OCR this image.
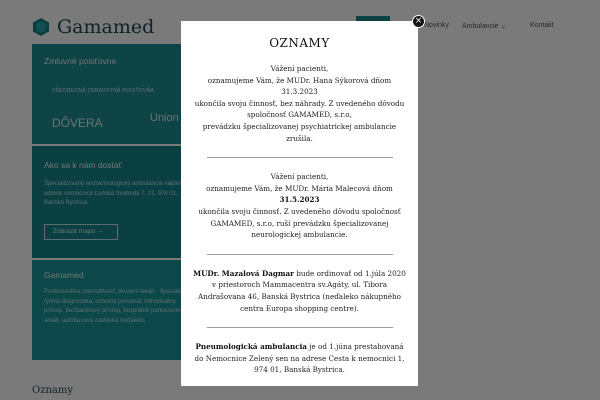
OZNAMY
Vážení pacienti,
oznamujeme Vám, že MUDr. Hana Sýkorová dňom
31.3.2023
ukončila svoju činnosť, bez náhrady. Z uvedeného dôvodu
spoločnosť GAMAMED, s.r.o,
prevádzku špecializovanej psychiatrickej ambulancie
zrušila.
Vážení pacienti,
oznamujeme Vám, že MUDr. Mária Malecová dňom
31.5.2023
ukončila svoju činnosť. Z uvedeného dôvodu spoločnosť GAMAMED, s.r.o, ruší prevádzku špecializovanej neurologickej ambulancie.
MUDr. Mazalová Dagmar bude ordinovať od 1.júla 2020 v priestoroch Mammacentra sv.Agáty, ul. Tibora Andrašovana 46, Banská Bystrica (neďaleko nákupného centra Europa shopping centre).
Pneumologická ambulancia je od 1.júna prestahovaná do Nemocnice Zelený sen na adrese Cesta k nemocnici 1, 974 01, Banská Bystrica.
×
